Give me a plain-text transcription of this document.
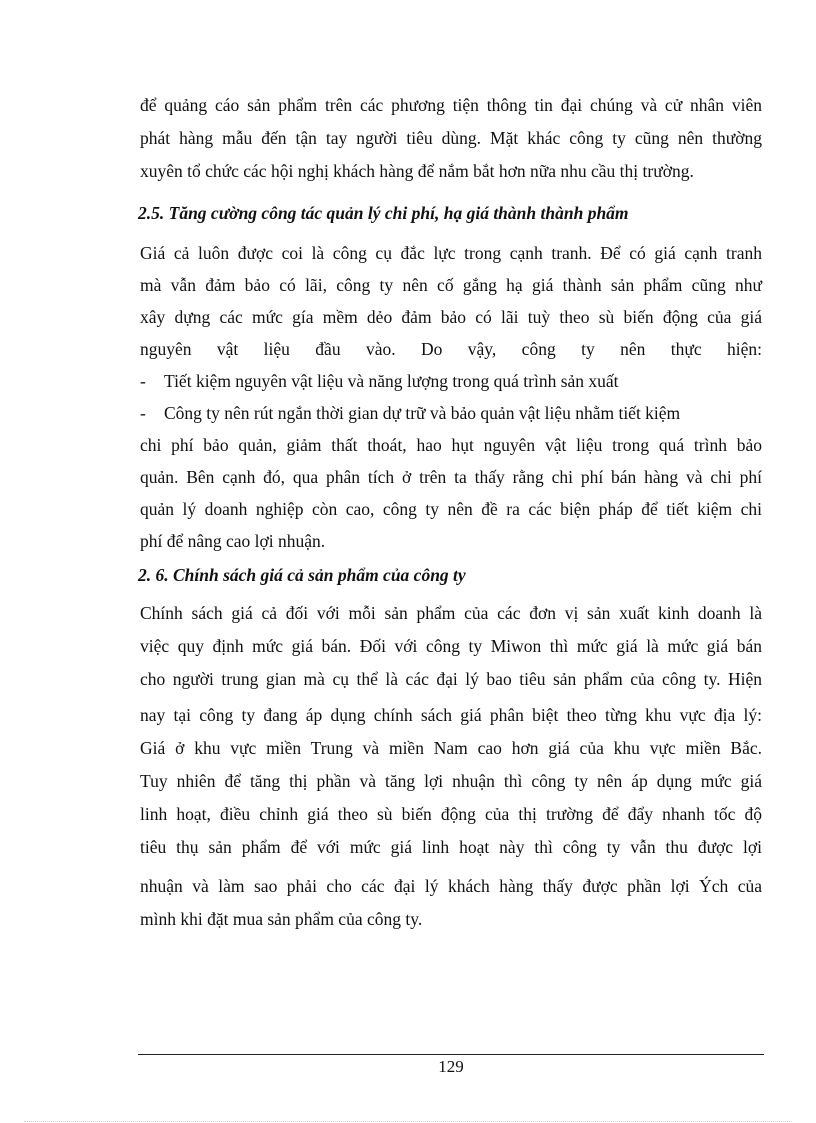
để quảng cáo sản phẩm trên các phương tiện thông tin đại chúng và cử nhân viên
phát hàng mẫu đến tận tay người tiêu dùng. Mặt khác công ty cũng nên thường
xuyên tổ chức các hội nghị khách hàng để nắm bắt hơn nữa nhu cầu thị trường.
2.5. Tăng cường công tác quản lý chi phí, hạ giá thành thành phẩm
Giá cả luôn được coi là công cụ đắc lực trong cạnh tranh. Để có giá cạnh tranh
mà vẫn đảm bảo có lãi, công ty nên cố gắng hạ giá thành sản phẩm cũng như
xây dựng các mức gía mềm dẻo đảm bảo có lãi tuỳ theo sù biến động của giá
nguyên vật liệu đầu vào. Do vậy, công ty nên thực hiện:
- Tiết kiệm nguyên vật liệu và năng lượng trong quá trình sản xuất
- Công ty nên rút ngắn thời gian dự trữ và bảo quản vật liệu nhằm tiết kiệm
chi phí bảo quản, giảm thất thoát, hao hụt nguyên vật liệu trong quá trình bảo
quản. Bên cạnh đó, qua phân tích ở trên ta thấy rằng chi phí bán hàng và chi phí
quản lý doanh nghiệp còn cao, công ty nên đề ra các biện pháp để tiết kiệm chi
phí để nâng cao lợi nhuận.
2. 6. Chính sách giá cả sản phẩm của công ty
Chính sách giá cả đối với mỗi sản phẩm của các đơn vị sản xuất kinh doanh là
việc quy định mức giá bán. Đối với công ty Miwon thì mức giá là mức giá bán
cho người trung gian mà cụ thể là các đại lý bao tiêu sản phẩm của công ty. Hiện
nay tại công ty đang áp dụng chính sách giá phân biệt theo từng khu vực địa lý:
Giá ở khu vực miền Trung và miền Nam cao hơn giá của khu vực miền Bắc.
Tuy nhiên để tăng thị phần và tăng lợi nhuận thì công ty nên áp dụng mức giá
linh hoạt, điều chỉnh giá theo sù biến động của thị trường để đẩy nhanh tốc độ
tiêu thụ sản phẩm để với mức giá linh hoạt này thì công ty vẫn thu được lợi
nhuận và làm sao phải cho các đại lý khách hàng thấy được phần lợi Ých của
mình khi đặt mua sản phẩm của công ty.
129
